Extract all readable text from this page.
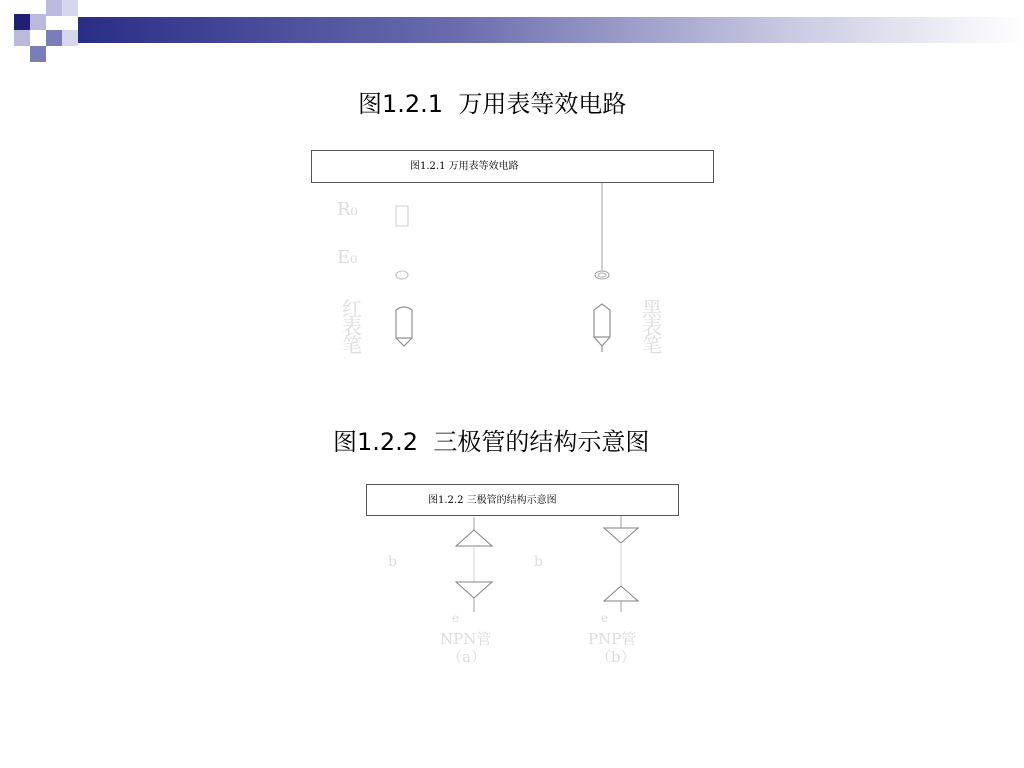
图1.2.1 万用表等效电路
图1.2.1 万用表等效电路
R₀
E₀
红
表
笔
黑
表
笔
图1.2.2 三极管的结构示意图
图1.2.2 三极管的结构示意图
b	b
e	e
NPN管
（a）
PNP管
（b）
